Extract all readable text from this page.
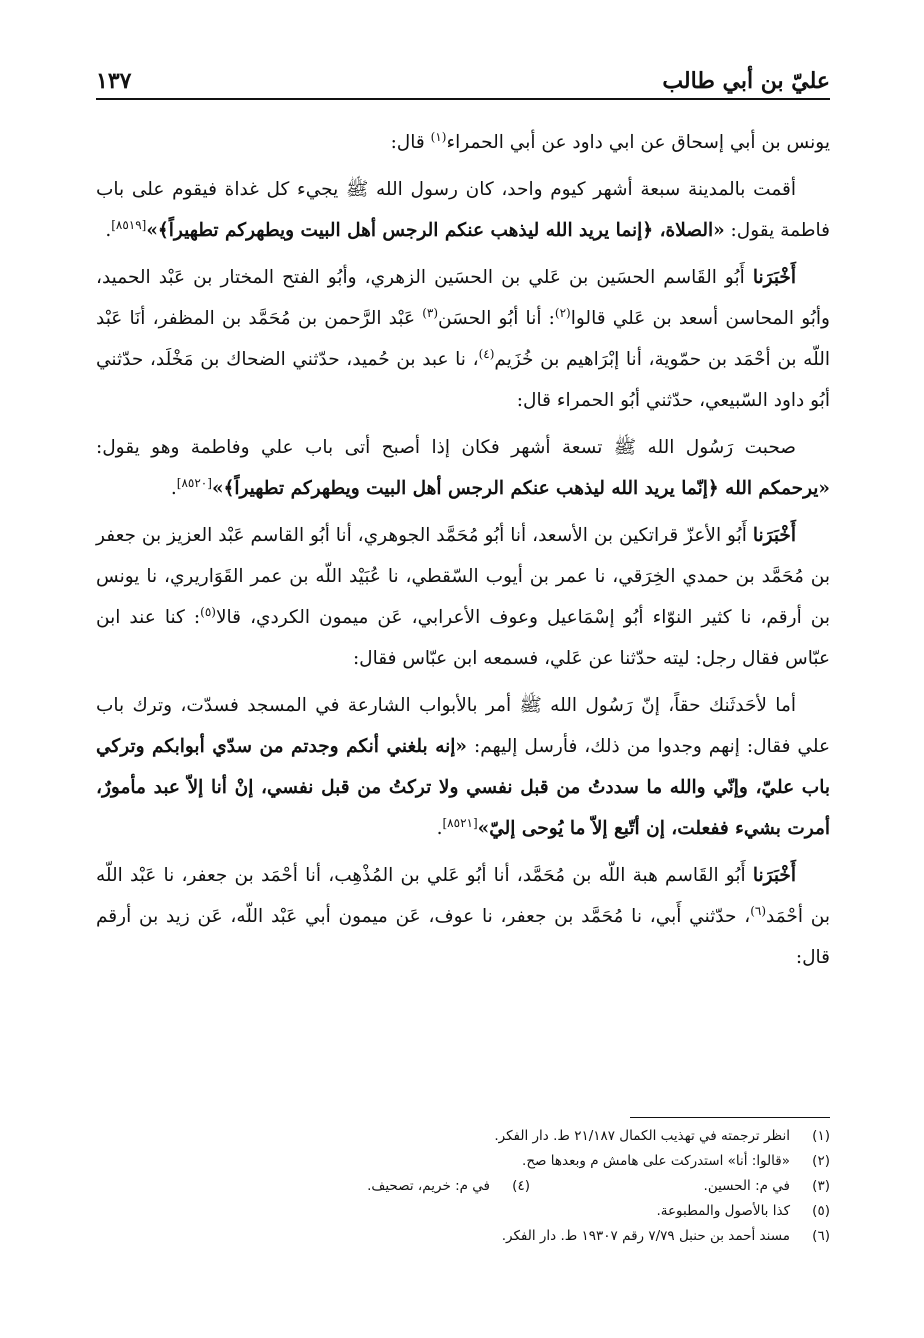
عليّ بن أبي طالب
١٣٧

يونس بن أبي إسحاق عن ابي داود عن أبي الحمراء$^{(١)}$ قال:

أقمت بالمدينة سبعة أشهر كيوم واحد، كان رسول الله ﷺ يجيء كل غداة فيقوم على باب فاطمة يقول: «الصلاة، ﴿إنما يريد الله ليذهب عنكم الرجس أهل البيت ويطهركم تطهيراً﴾»[٨٥١٩].

أَخْبَرَنا أَبُو القَاسم الحسَين بن عَلي بن الحسَين الزهري، وأبُو الفتح المختار بن عَبْد الحميد، وأبُو المحاسن أسعد بن عَلي قالوا$^{(٢)}$: أنا أبُو الحسَن$^{(٣)}$ عَبْد الرَّحمن بن مُحَمَّد بن المظفر، أنَا عَبْد اللّه بن أحْمَد بن حمّوية، أنا إبْرَاهيم بن خُزَيم$^{(٤)}$، نا عبد بن حُميد، حدّثني الضحاك بن مَخْلَد، حدّثني أبُو داود السّبيعي، حدّثني أبُو الحمراء قال:

صحبت رَسُول الله ﷺ تسعة أشهر فكان إذا أصبح أتى باب علي وفاطمة وهو يقول: «يرحمكم الله ﴿إنّما يريد الله ليذهب عنكم الرجس أهل البيت ويطهركم تطهيراً﴾»[٨٥٢٠].

أَخْبَرَنا أَبُو الأعزّ قراتكين بن الأسعد، أنا أبُو مُحَمَّد الجوهري، أنا أبُو القاسم عَبْد العزيز بن جعفر بن مُحَمَّد بن حمدي الخِرَقي، نا عمر بن أيوب السّقطي، نا عُبَيْد اللّه بن عمر القَوَاريري، نا يونس بن أرقم، نا كثير النوّاء أبُو إسْمَاعيل وعوف الأعرابي، عَن ميمون الكردي، قالا$^{(٥)}$: كنا عند ابن عبّاس فقال رجل: ليته حدّثنا عن عَلي، فسمعه ابن عبّاس فقال:

أما لأحَدثَنك حقاً، إنّ رَسُول الله ﷺ أمر بالأبواب الشارعة في المسجد فسدّت، وترك باب علي فقال: إنهم وجدوا من ذلك، فأرسل إليهم: «إنه بلغني أنكم وجدتم من سدّي أبوابكم وتركي باب عليّ، وإنّي والله ما سددتُ من قبل نفسي ولا تركتُ من قبل نفسي، إنْ أنا إلاّ عبد مأمورٌ، أمرت بشيء ففعلت، إن أتّبع إلاّ ما يُوحى إليّ»[٨٥٢١].

أَخْبَرَنا أَبُو القَاسم هبة اللّه بن مُحَمَّد، أنا أبُو عَلي بن المُذْهِب، أنا أحْمَد بن جعفر، نا عَبْد اللّه بن أحْمَد$^{(٦)}$، حدّثني أَبي، نا مُحَمَّد بن جعفر، نا عوف، عَن ميمون أبي عَبْد اللّه، عَن زيد بن أرقم قال:

(١)
انظر ترجمته في تهذيب الكمال ٢١/١٨٧ ط. دار الفكر.
(٢)
«قالوا: أنا» استدركت على هامش م وبعدها صح.
(٣)
في م: الحسين.
(٤)
في م: خريم، تصحيف.
(٥)
كذا بالأصول والمطبوعة.
(٦)
مسند أحمد بن حنبل ٧/٧٩ رقم ١٩٣٠٧ ط. دار الفكر.
